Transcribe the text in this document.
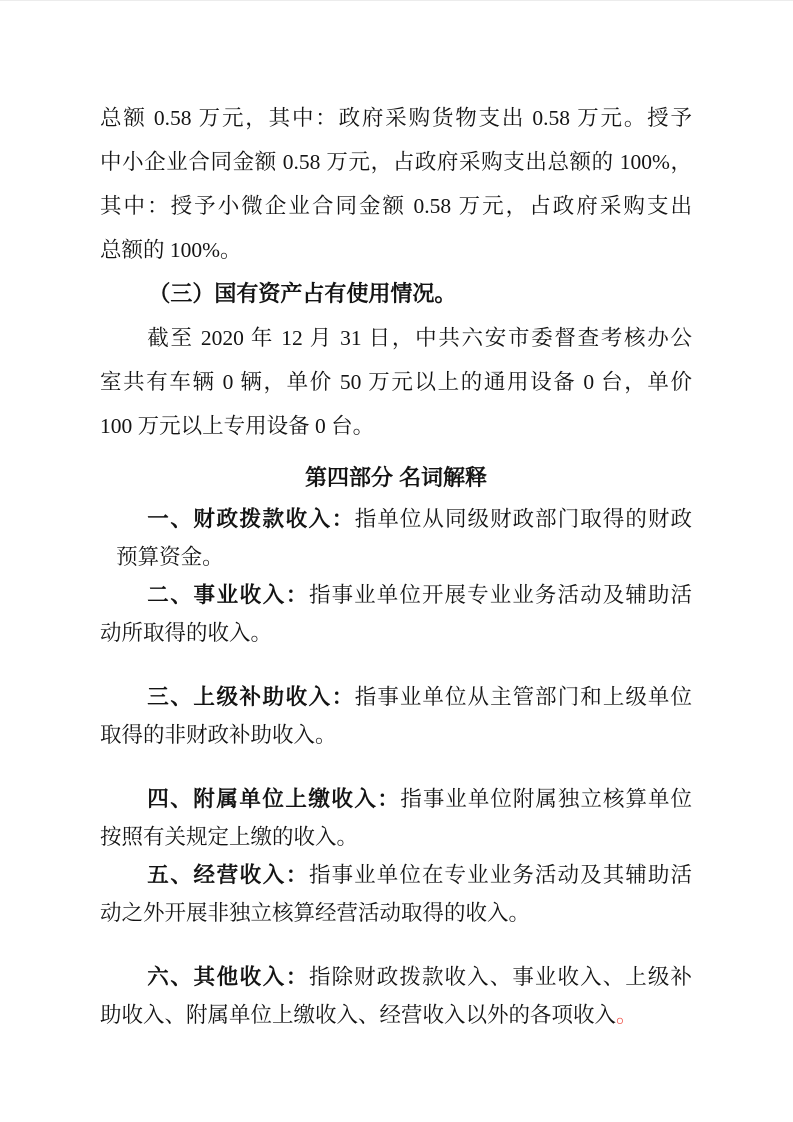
总额 0.58 万元，其中：政府采购货物支出 0.58 万元。授予
中小企业合同金额 0.58 万元，占政府采购支出总额的 100%，
其中：授予小微企业合同金额 0.58 万元，占政府采购支出
总额的 100%。
（三）国有资产占有使用情况。
截至 2020 年 12 月 31 日，中共六安市委督查考核办公
室共有车辆 0 辆，单价 50 万元以上的通用设备 0 台，单价
100 万元以上专用设备 0 台。
第四部分 名词解释
一、财政拨款收入：指单位从同级财政部门取得的财政
预算资金。
二、事业收入：指事业单位开展专业业务活动及辅助活
动所取得的收入。
三、上级补助收入：指事业单位从主管部门和上级单位
取得的非财政补助收入。
四、附属单位上缴收入：指事业单位附属独立核算单位
按照有关规定上缴的收入。
五、经营收入：指事业单位在专业业务活动及其辅助活
动之外开展非独立核算经营活动取得的收入。
六、其他收入：指除财政拨款收入、事业收入、上级补
助收入、附属单位上缴收入、经营收入以外的各项收入。
